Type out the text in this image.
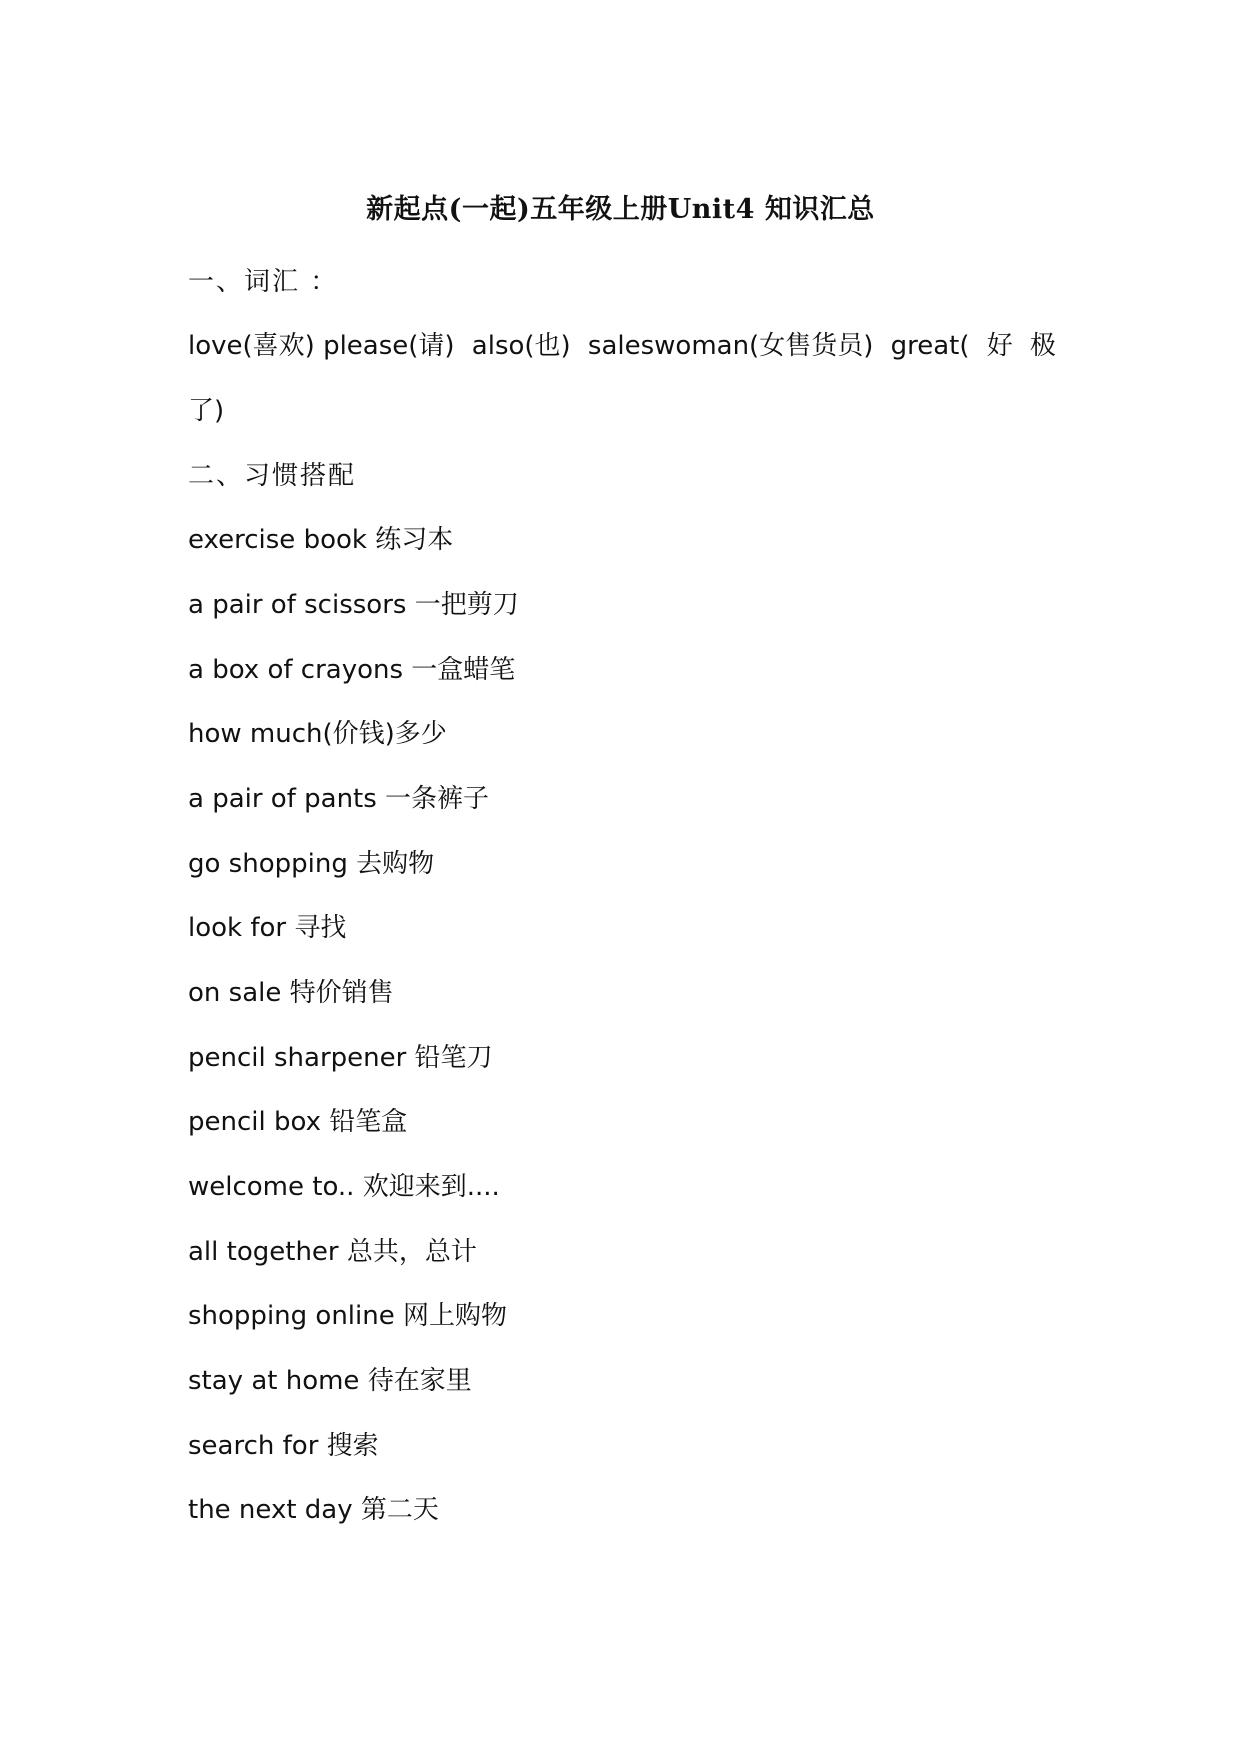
新起点(一起)五年级上册Unit4 知识汇总
一、词汇 ：
love(喜欢) please(请) also(也) saleswoman(女售货员) great( 好 极
了)
二、习惯搭配
exercise book 练习本
a pair of scissors 一把剪刀
a box of crayons 一盒蜡笔
how much(价钱)多少
a pair of pants 一条裤子
go shopping 去购物
look for 寻找
on sale 特价销售
pencil sharpener 铅笔刀
pencil box 铅笔盒
welcome to.. 欢迎来到....
all together 总共，总计
shopping online 网上购物
stay at home 待在家里
search for 搜索
the next day 第二天
